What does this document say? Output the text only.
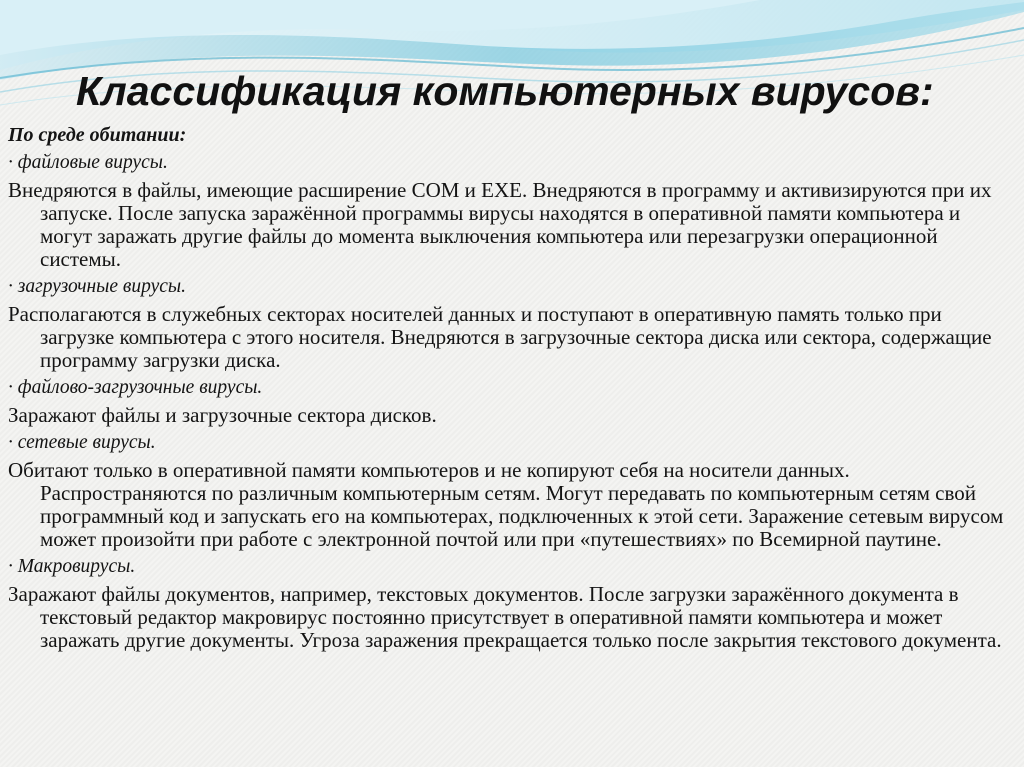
Классификация компьютерных вирусов:

По среде обитании:

· файловые вирусы.

Внедряются в файлы, имеющие расширение COM и EXE. Внедряются в программу и активизируются при их запуске. После запуска заражённой программы вирусы находятся в оперативной памяти компьютера и могут заражать другие файлы до момента выключения компьютера или перезагрузки операционной системы.

· загрузочные вирусы.

Располагаются в служебных секторах носителей данных и поступают в оперативную память только при загрузке компьютера с этого носителя. Внедряются в загрузочные сектора диска или сектора, содержащие программу загрузки диска.

· файлово-загрузочные вирусы.

Заражают файлы и загрузочные сектора дисков.

· сетевые вирусы.

Обитают только в оперативной памяти компьютеров и не копируют себя на носители данных. Распространяются по различным компьютерным сетям. Могут передавать по компьютерным сетям свой программный код и запускать его на компьютерах, подключенных к этой сети. Заражение сетевым вирусом может произойти при работе с электронной почтой или при «путешествиях» по Всемирной паутине.

· Макровирусы.

Заражают файлы документов, например, текстовых документов. После загрузки заражённого документа в текстовый редактор макровирус постоянно присутствует в оперативной памяти компьютера и может заражать другие документы. Угроза заражения прекращается только после закрытия текстового документа.
